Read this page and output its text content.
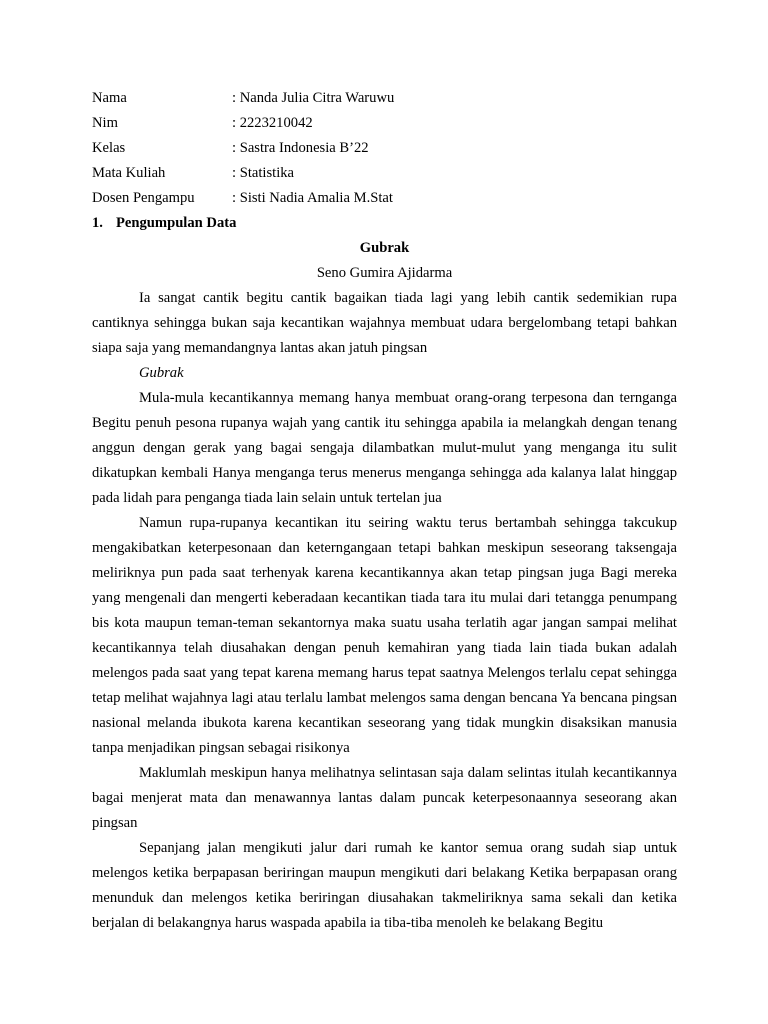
Nama	: Nanda Julia Citra Waruwu
Nim	: 2223210042
Kelas	: Sastra Indonesia B’22
Mata Kuliah	: Statistika
Dosen Pengampu	: Sisti Nadia Amalia M.Stat
1. Pengumpulan Data
Gubrak
Seno Gumira Ajidarma

Ia sangat cantik begitu cantik bagaikan tiada lagi yang lebih cantik sedemikian rupa cantiknya sehingga bukan saja kecantikan wajahnya membuat udara bergelombang tetapi bahkan siapa saja yang memandangnya lantas akan jatuh pingsan

Gubrak

Mula-mula kecantikannya memang hanya membuat orang-orang terpesona dan ternganga Begitu penuh pesona rupanya wajah yang cantik itu sehingga apabila ia melangkah dengan tenang anggun dengan gerak yang bagai sengaja dilambatkan mulut-mulut yang menganga itu sulit dikatupkan kembali Hanya menganga terus menerus menganga sehingga ada kalanya lalat hinggap pada lidah para penganga tiada lain selain untuk tertelan jua

Namun rupa-rupanya kecantikan itu seiring waktu terus bertambah sehingga takcukup mengakibatkan keterpesonaan dan keterngangaan tetapi bahkan meskipun seseorang taksengaja meliriknya pun pada saat terhenyak karena kecantikannya akan tetap pingsan juga Bagi mereka yang mengenali dan mengerti keberadaan kecantikan tiada tara itu mulai dari tetangga penumpang bis kota maupun teman-teman sekantornya maka suatu usaha terlatih agar jangan sampai melihat kecantikannya telah diusahakan dengan penuh kemahiran yang tiada lain tiada bukan adalah melengos pada saat yang tepat karena memang harus tepat saatnya Melengos terlalu cepat sehingga tetap melihat wajahnya lagi atau terlalu lambat melengos sama dengan bencana Ya bencana pingsan nasional melanda ibukota karena kecantikan seseorang yang tidak mungkin disaksikan manusia tanpa menjadikan pingsan sebagai risikonya

Maklumlah meskipun hanya melihatnya selintasan saja dalam selintas itulah kecantikannya bagai menjerat mata dan menawannya lantas dalam puncak keterpesonaannya seseorang akan pingsan

Sepanjang jalan mengikuti jalur dari rumah ke kantor semua orang sudah siap untuk melengos ketika berpapasan beriringan maupun mengikuti dari belakang Ketika berpapasan orang menunduk dan melengos ketika beriringan diusahakan takmeliriknya sama sekali dan ketika berjalan di belakangnya harus waspada apabila ia tiba-tiba menoleh ke belakang Begitu
